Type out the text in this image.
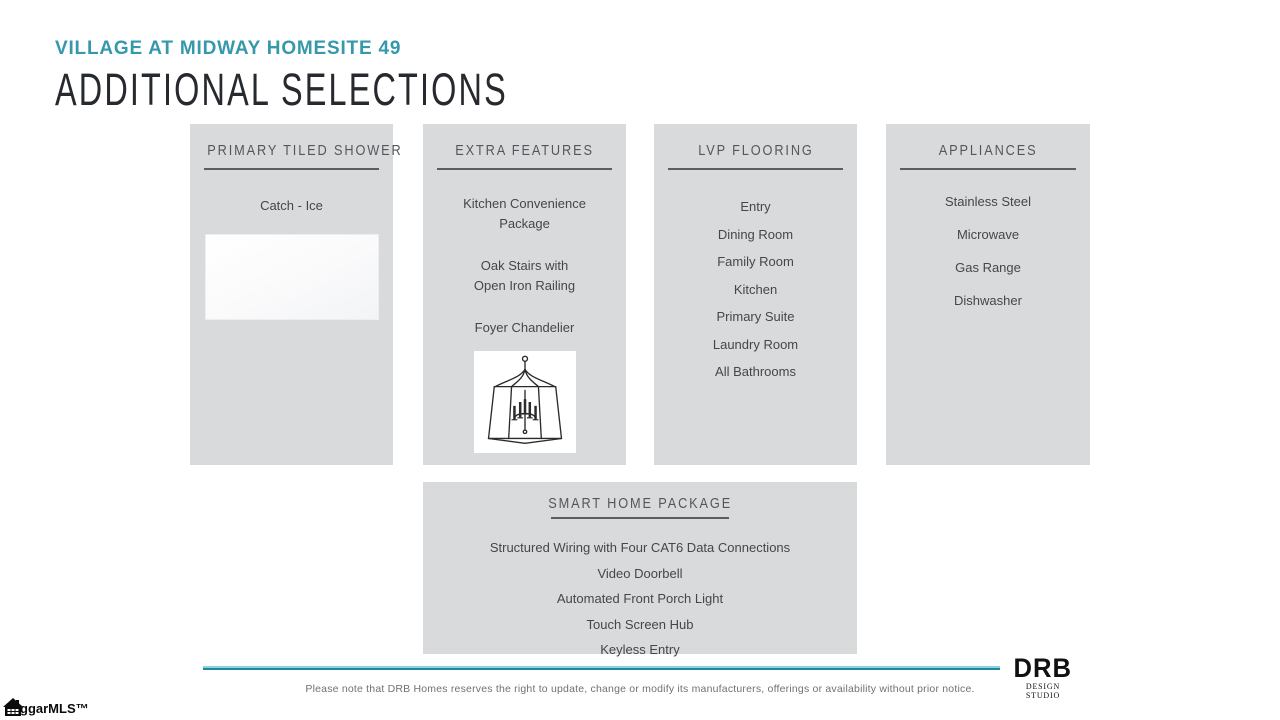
VILLAGE AT MIDWAY HOMESITE 49
ADDITIONAL SELECTIONS
PRIMARY TILED SHOWER
Catch - Ice
EXTRA FEATURES
Kitchen Convenience Package
Oak Stairs with Open Iron Railing
Foyer Chandelier
LVP FLOORING
Entry
Dining Room
Family Room
Kitchen
Primary Suite
Laundry Room
All Bathrooms
APPLIANCES
Stainless Steel
Microwave
Gas Range
Dishwasher
SMART HOME PACKAGE
Structured Wiring with Four CAT6 Data Connections
Video Doorbell
Automated Front Porch Light
Touch Screen Hub
Keyless Entry
Please note that DRB Homes reserves the right to update, change or modify its manufacturers, offerings or availability without prior notice.
DRB
DESIGN STUDIO
ggarMLS™
